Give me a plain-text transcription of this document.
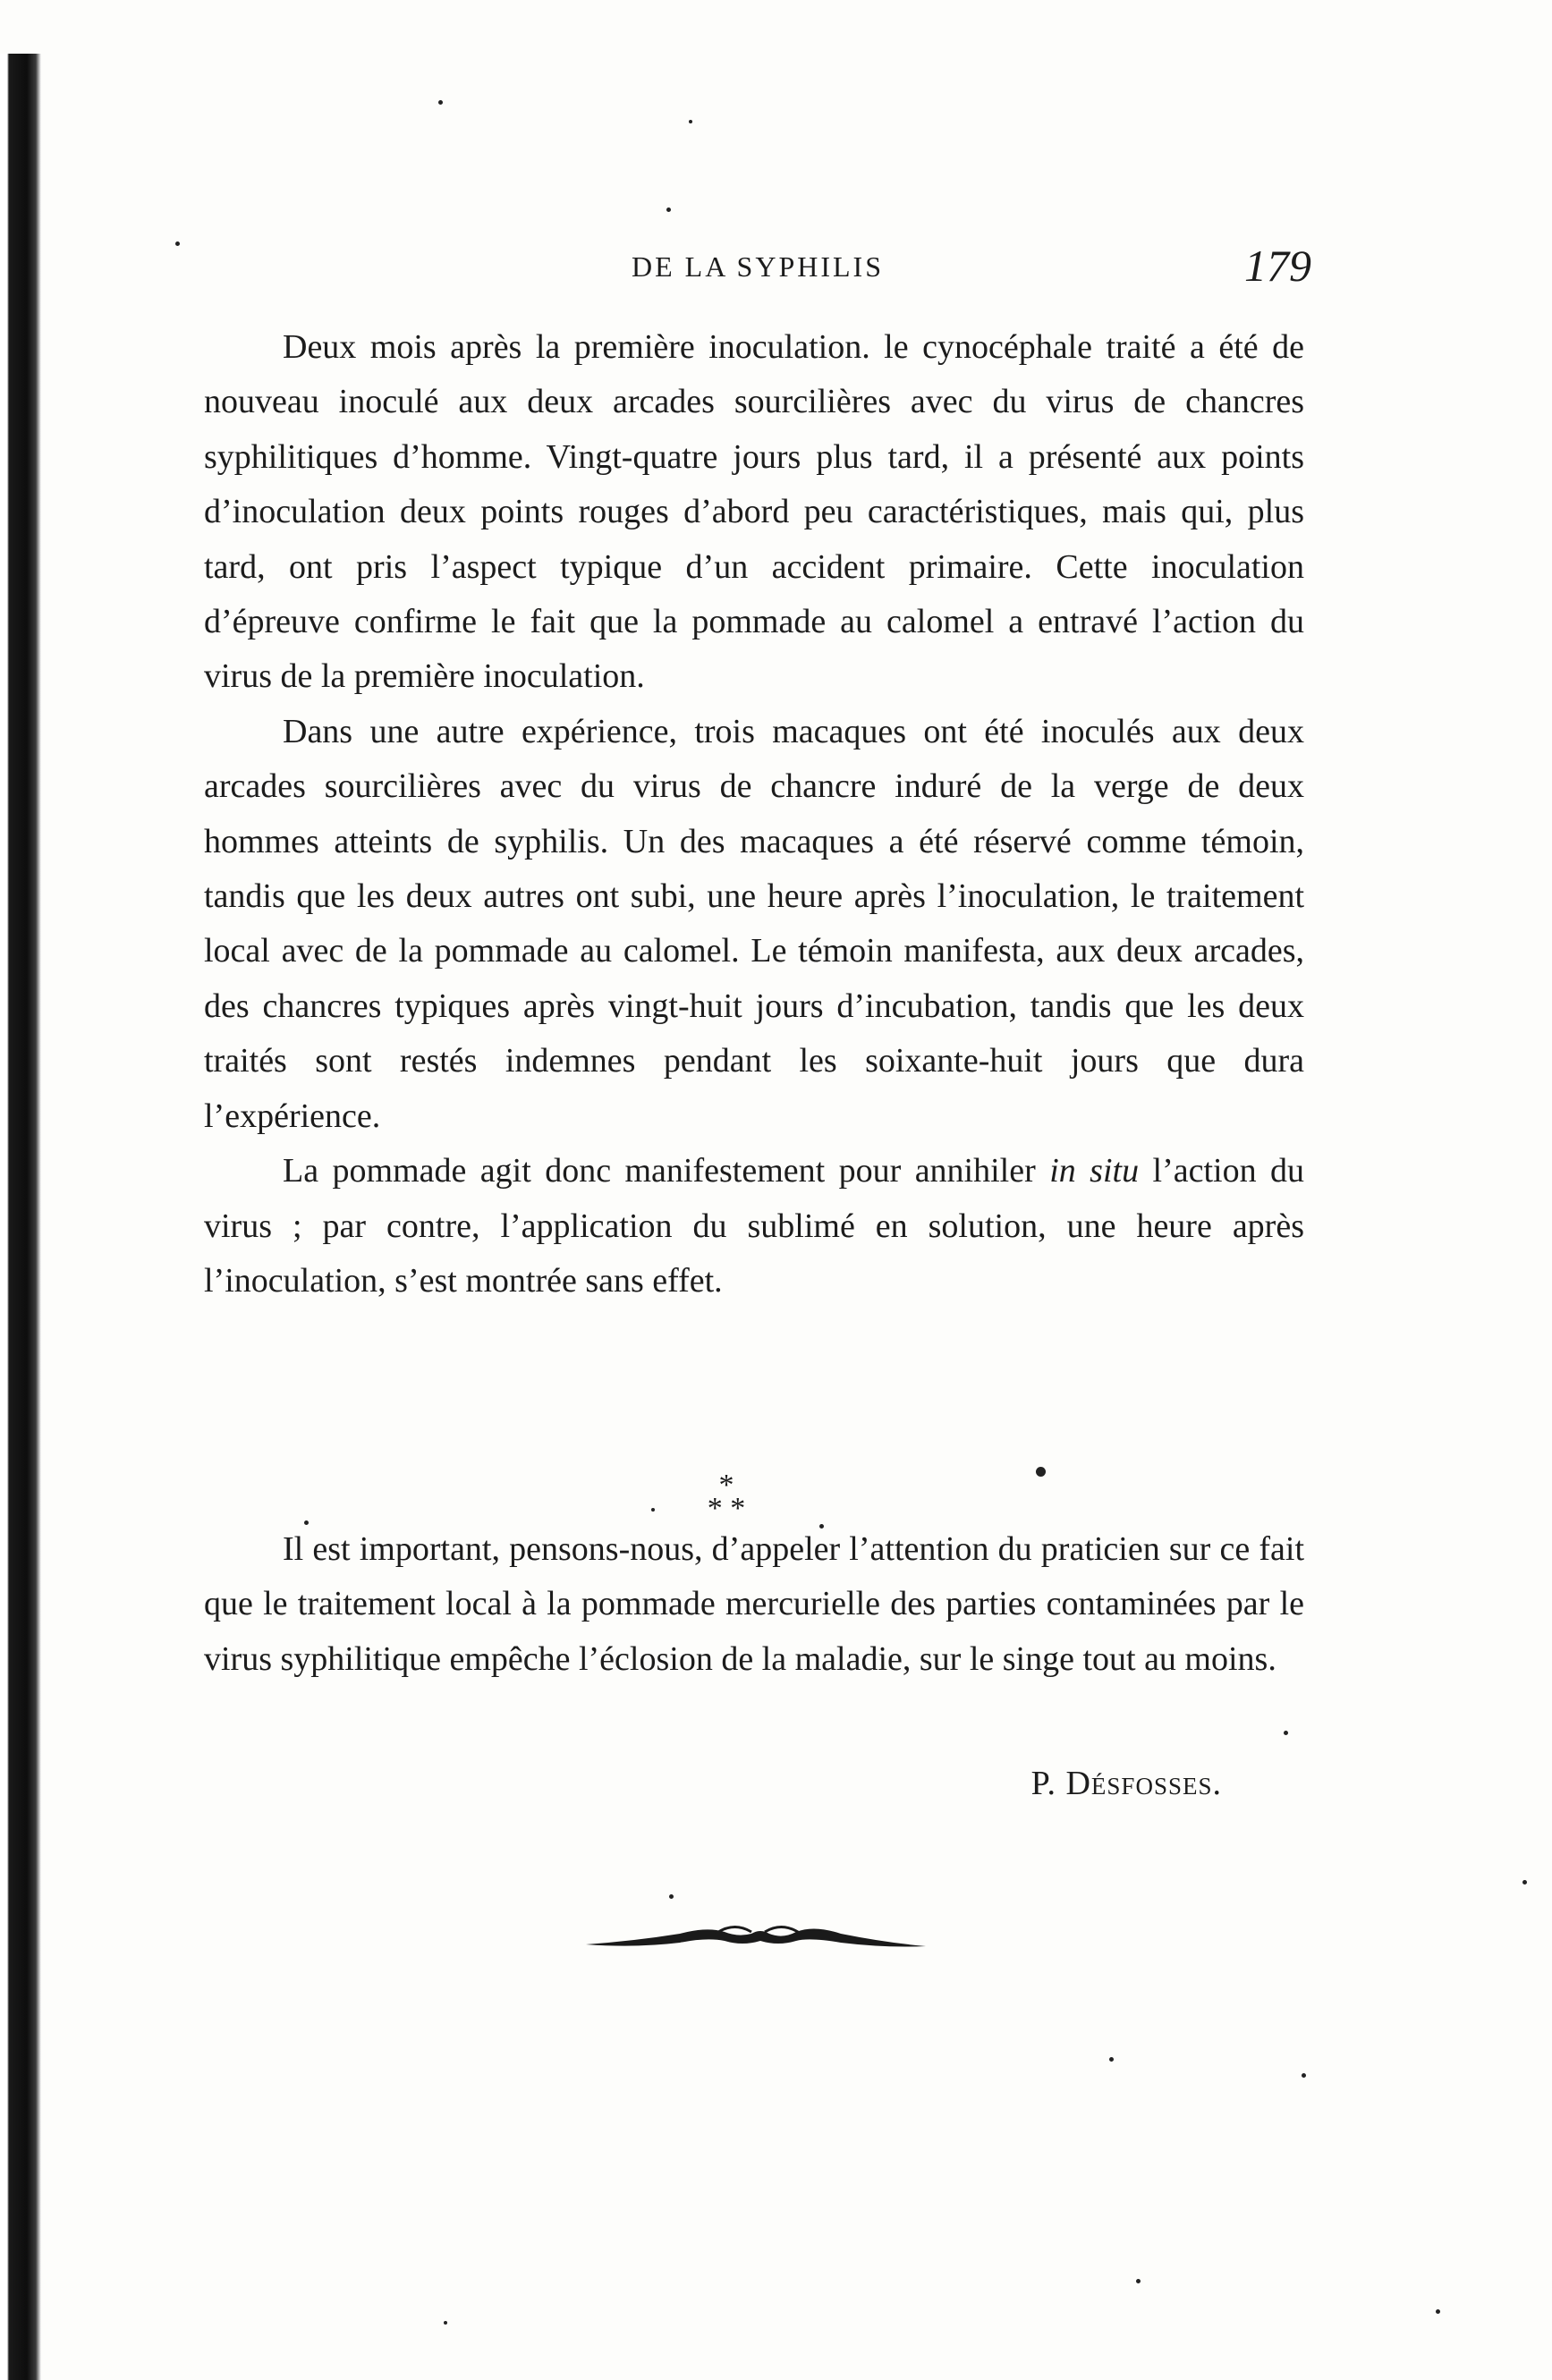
DE LA SYPHILIS	179

Deux mois après la première inoculation. le cynocéphale traité a été de nouveau inoculé aux deux arcades sourcilières avec du virus de chancres syphilitiques d’homme. Vingt-quatre jours plus tard, il a présenté aux points d’inoculation deux points rouges d’abord peu caractéristiques, mais qui, plus tard, ont pris l’aspect typique d’un accident primaire. Cette inoculation d’épreuve confirme le fait que la pommade au calomel a entravé l’action du virus de la première inoculation.

Dans une autre expérience, trois macaques ont été inoculés aux deux arcades sourcilières avec du virus de chancre induré de la verge de deux hommes atteints de syphilis. Un des macaques a été réservé comme témoin, tandis que les deux autres ont subi, une heure après l’inoculation, le traitement local avec de la pommade au calomel. Le témoin manifesta, aux deux arcades, des chancres typiques après vingt-huit jours d’incubation, tandis que les deux traités sont restés indemnes pendant les soixante-huit jours que dura l’expérience.

La pommade agit donc manifestement pour annihiler in situ l’action du virus ; par contre, l’application du sublimé en solution, une heure après l’inoculation, s’est montrée sans effet.

*
* *

Il est important, pensons-nous, d’appeler l’attention du praticien sur ce fait que le traitement local à la pommade mercurielle des parties contaminées par le virus syphilitique empêche l’éclosion de la maladie, sur le singe tout au moins.

P. Désfosses.
